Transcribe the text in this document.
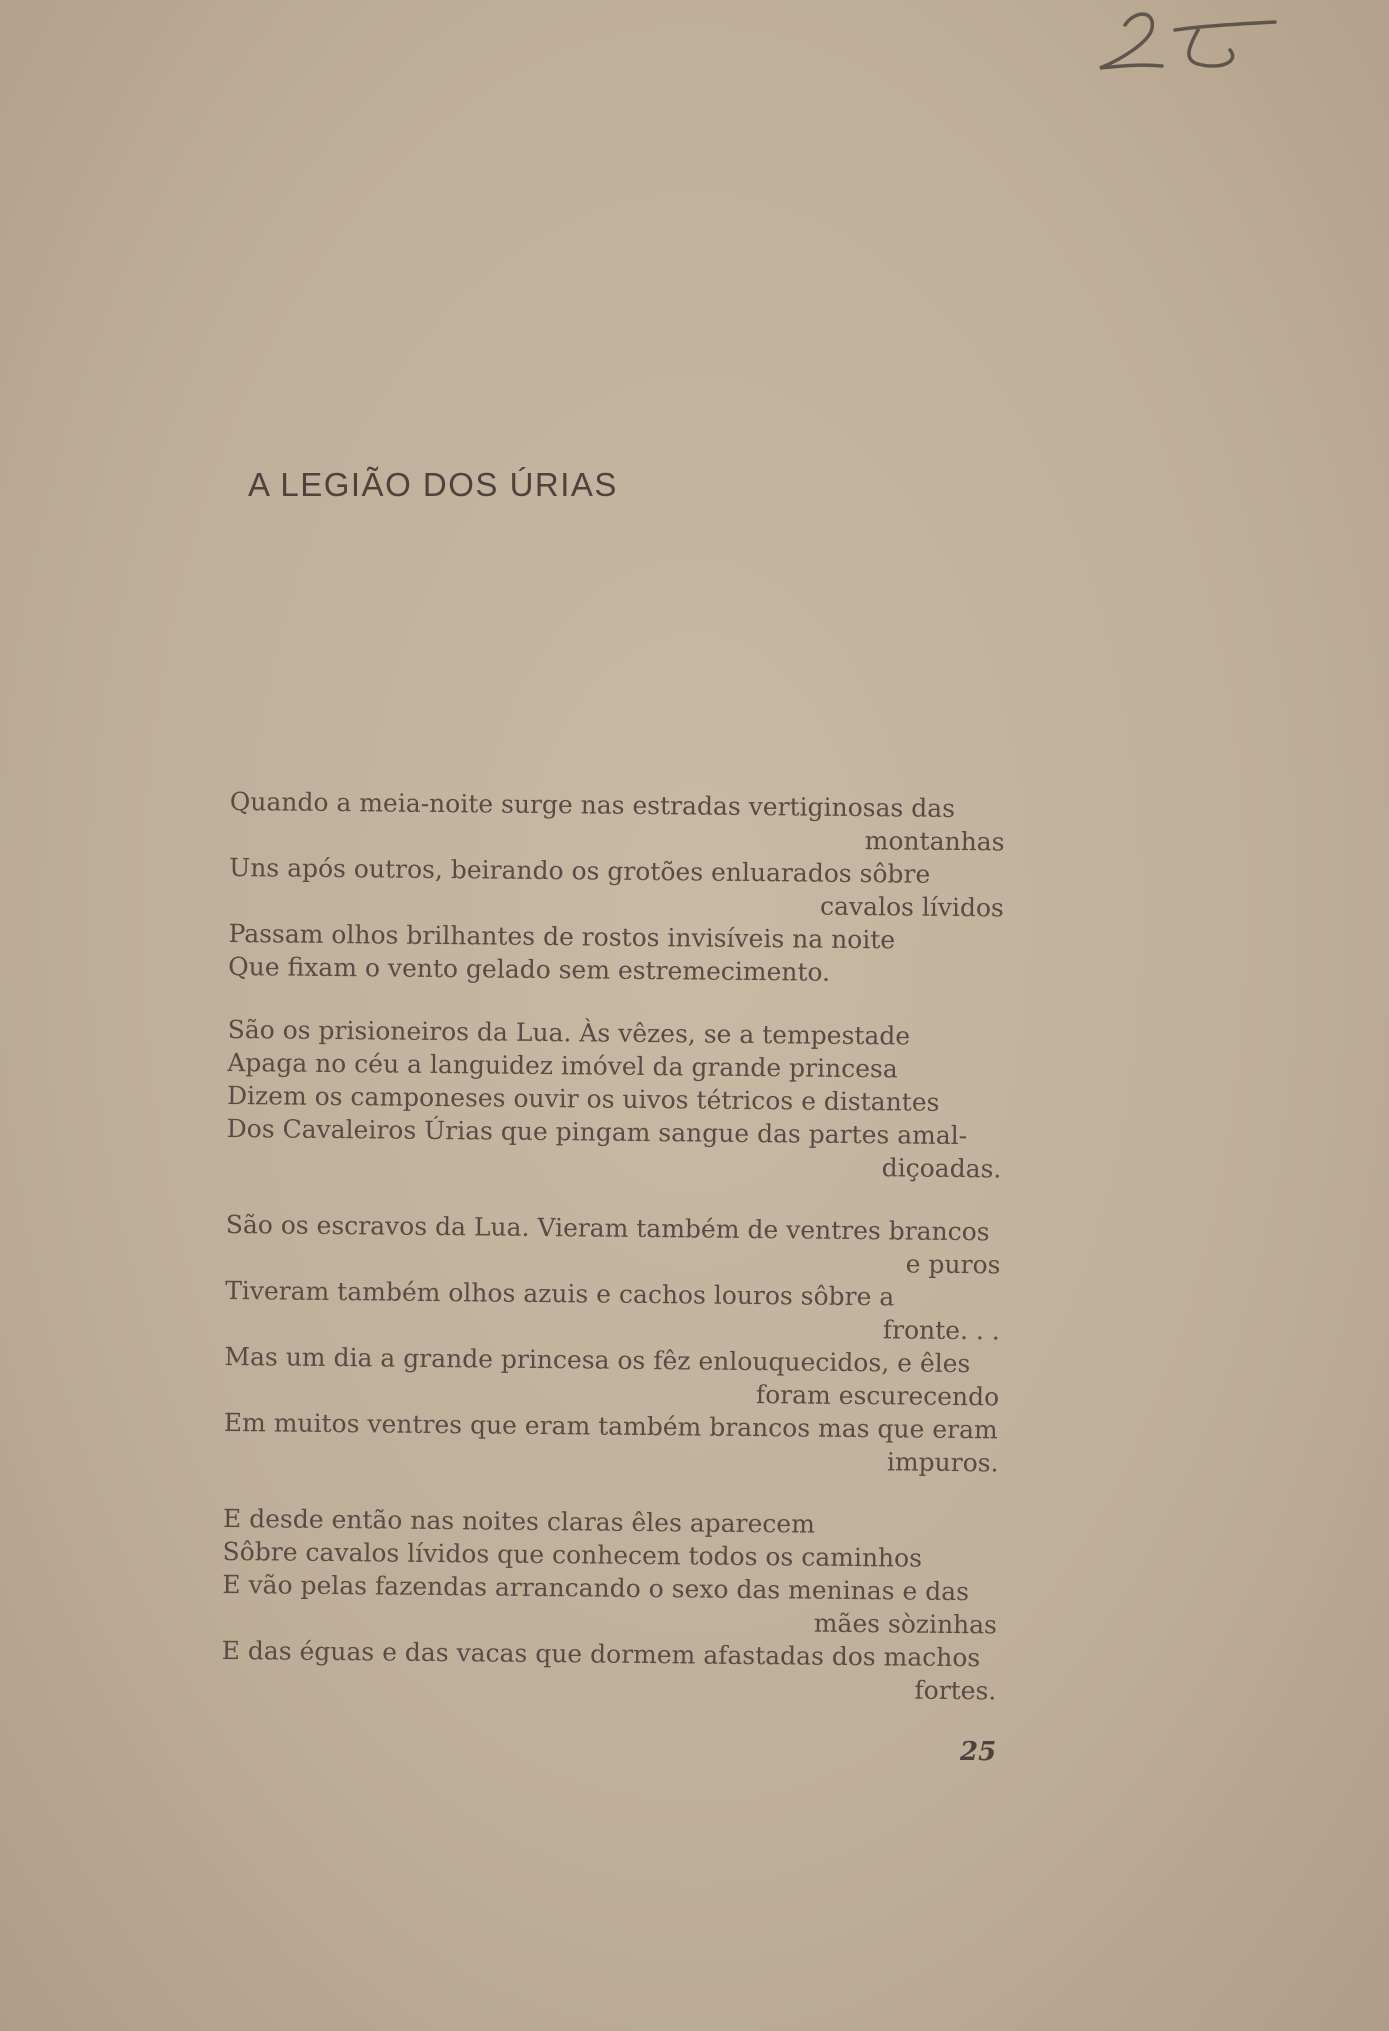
A LEGIÃO DOS ÚRIAS

Quando a meia-noite surge nas estradas vertiginosas das

montanhas

Uns após outros, beirando os grotões enluarados sôbre

cavalos lívidos

Passam olhos brilhantes de rostos invisíveis na noite

Que fixam o vento gelado sem estremecimento.

São os prisioneiros da Lua. Às vêzes, se a tempestade

Apaga no céu a languidez imóvel da grande princesa

Dizem os camponeses ouvir os uivos tétricos e distantes

Dos Cavaleiros Úrias que pingam sangue das partes amal-

diçoadas.

São os escravos da Lua. Vieram também de ventres brancos

e puros

Tiveram também olhos azuis e cachos louros sôbre a

fronte. . .

Mas um dia a grande princesa os fêz enlouquecidos, e êles

foram escurecendo

Em muitos ventres que eram também brancos mas que eram

impuros.

E desde então nas noites claras êles aparecem

Sôbre cavalos lívidos que conhecem todos os caminhos

E vão pelas fazendas arrancando o sexo das meninas e das

mães sòzinhas

E das éguas e das vacas que dormem afastadas dos machos

fortes.

25
